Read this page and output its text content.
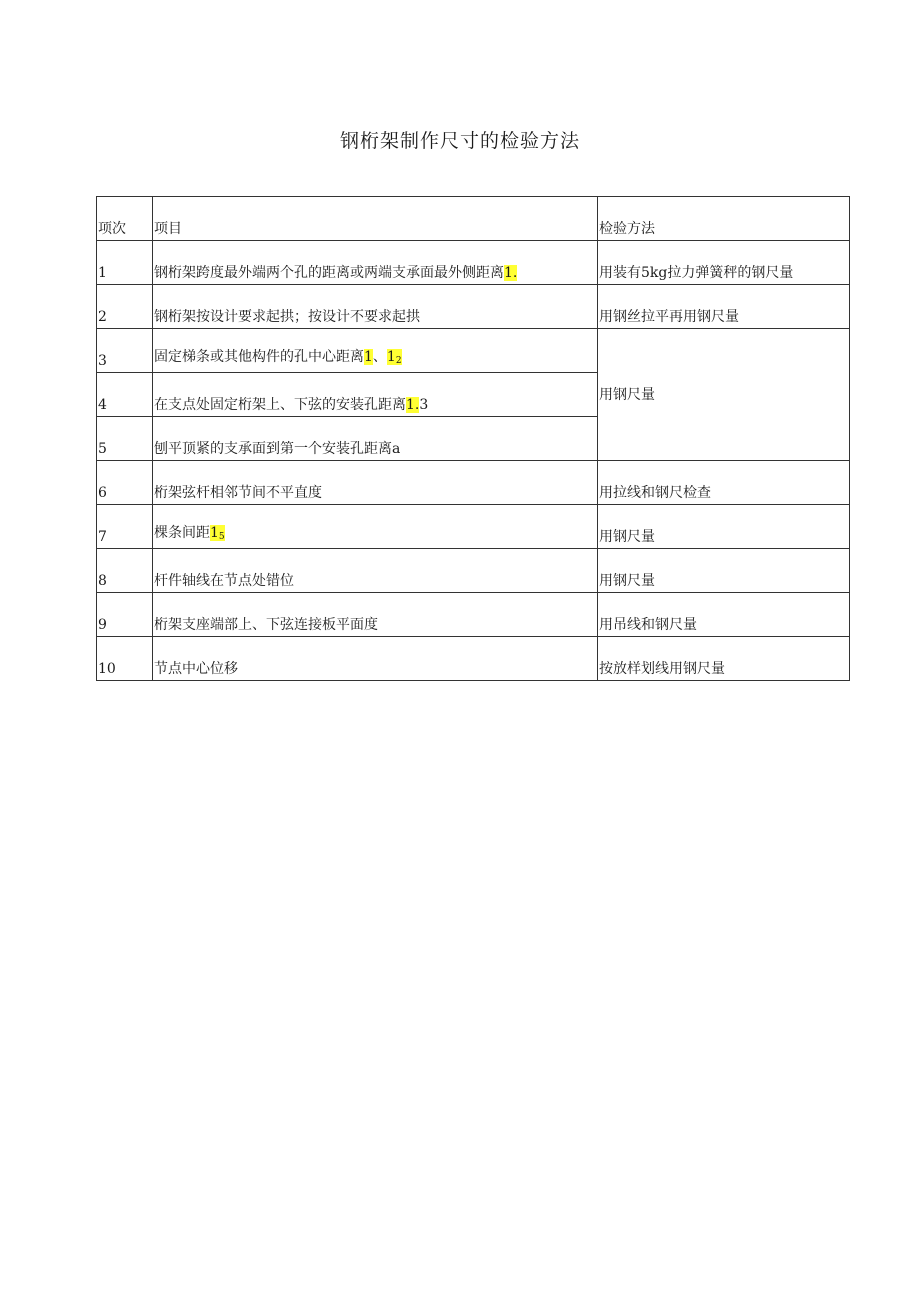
钢桁架制作尺寸的检验方法
项次	项目	检验方法
1	钢桁架跨度最外端两个孔的距离或两端支承面最外侧距离1.	用装有5kg拉力弹簧秤的钢尺量
2	钢桁架按设计要求起拱；按设计不要求起拱	用钢丝拉平再用钢尺量
3	固定梯条或其他构件的孔中心距离1、$1_2$	用钢尺量
4	在支点处固定桁架上、下弦的安装孔距离1.3	
5	刨平顶紧的支承面到第一个安装孔距离a	
6	桁架弦杆相邻节间不平直度	用拉线和钢尺检查
7	棵条间距$1_5$	用钢尺量
8	杆件轴线在节点处错位	用钢尺量
9	桁架支座端部上、下弦连接板平面度	用吊线和钢尺量
10	节点中心位移	按放样划线用钢尺量
